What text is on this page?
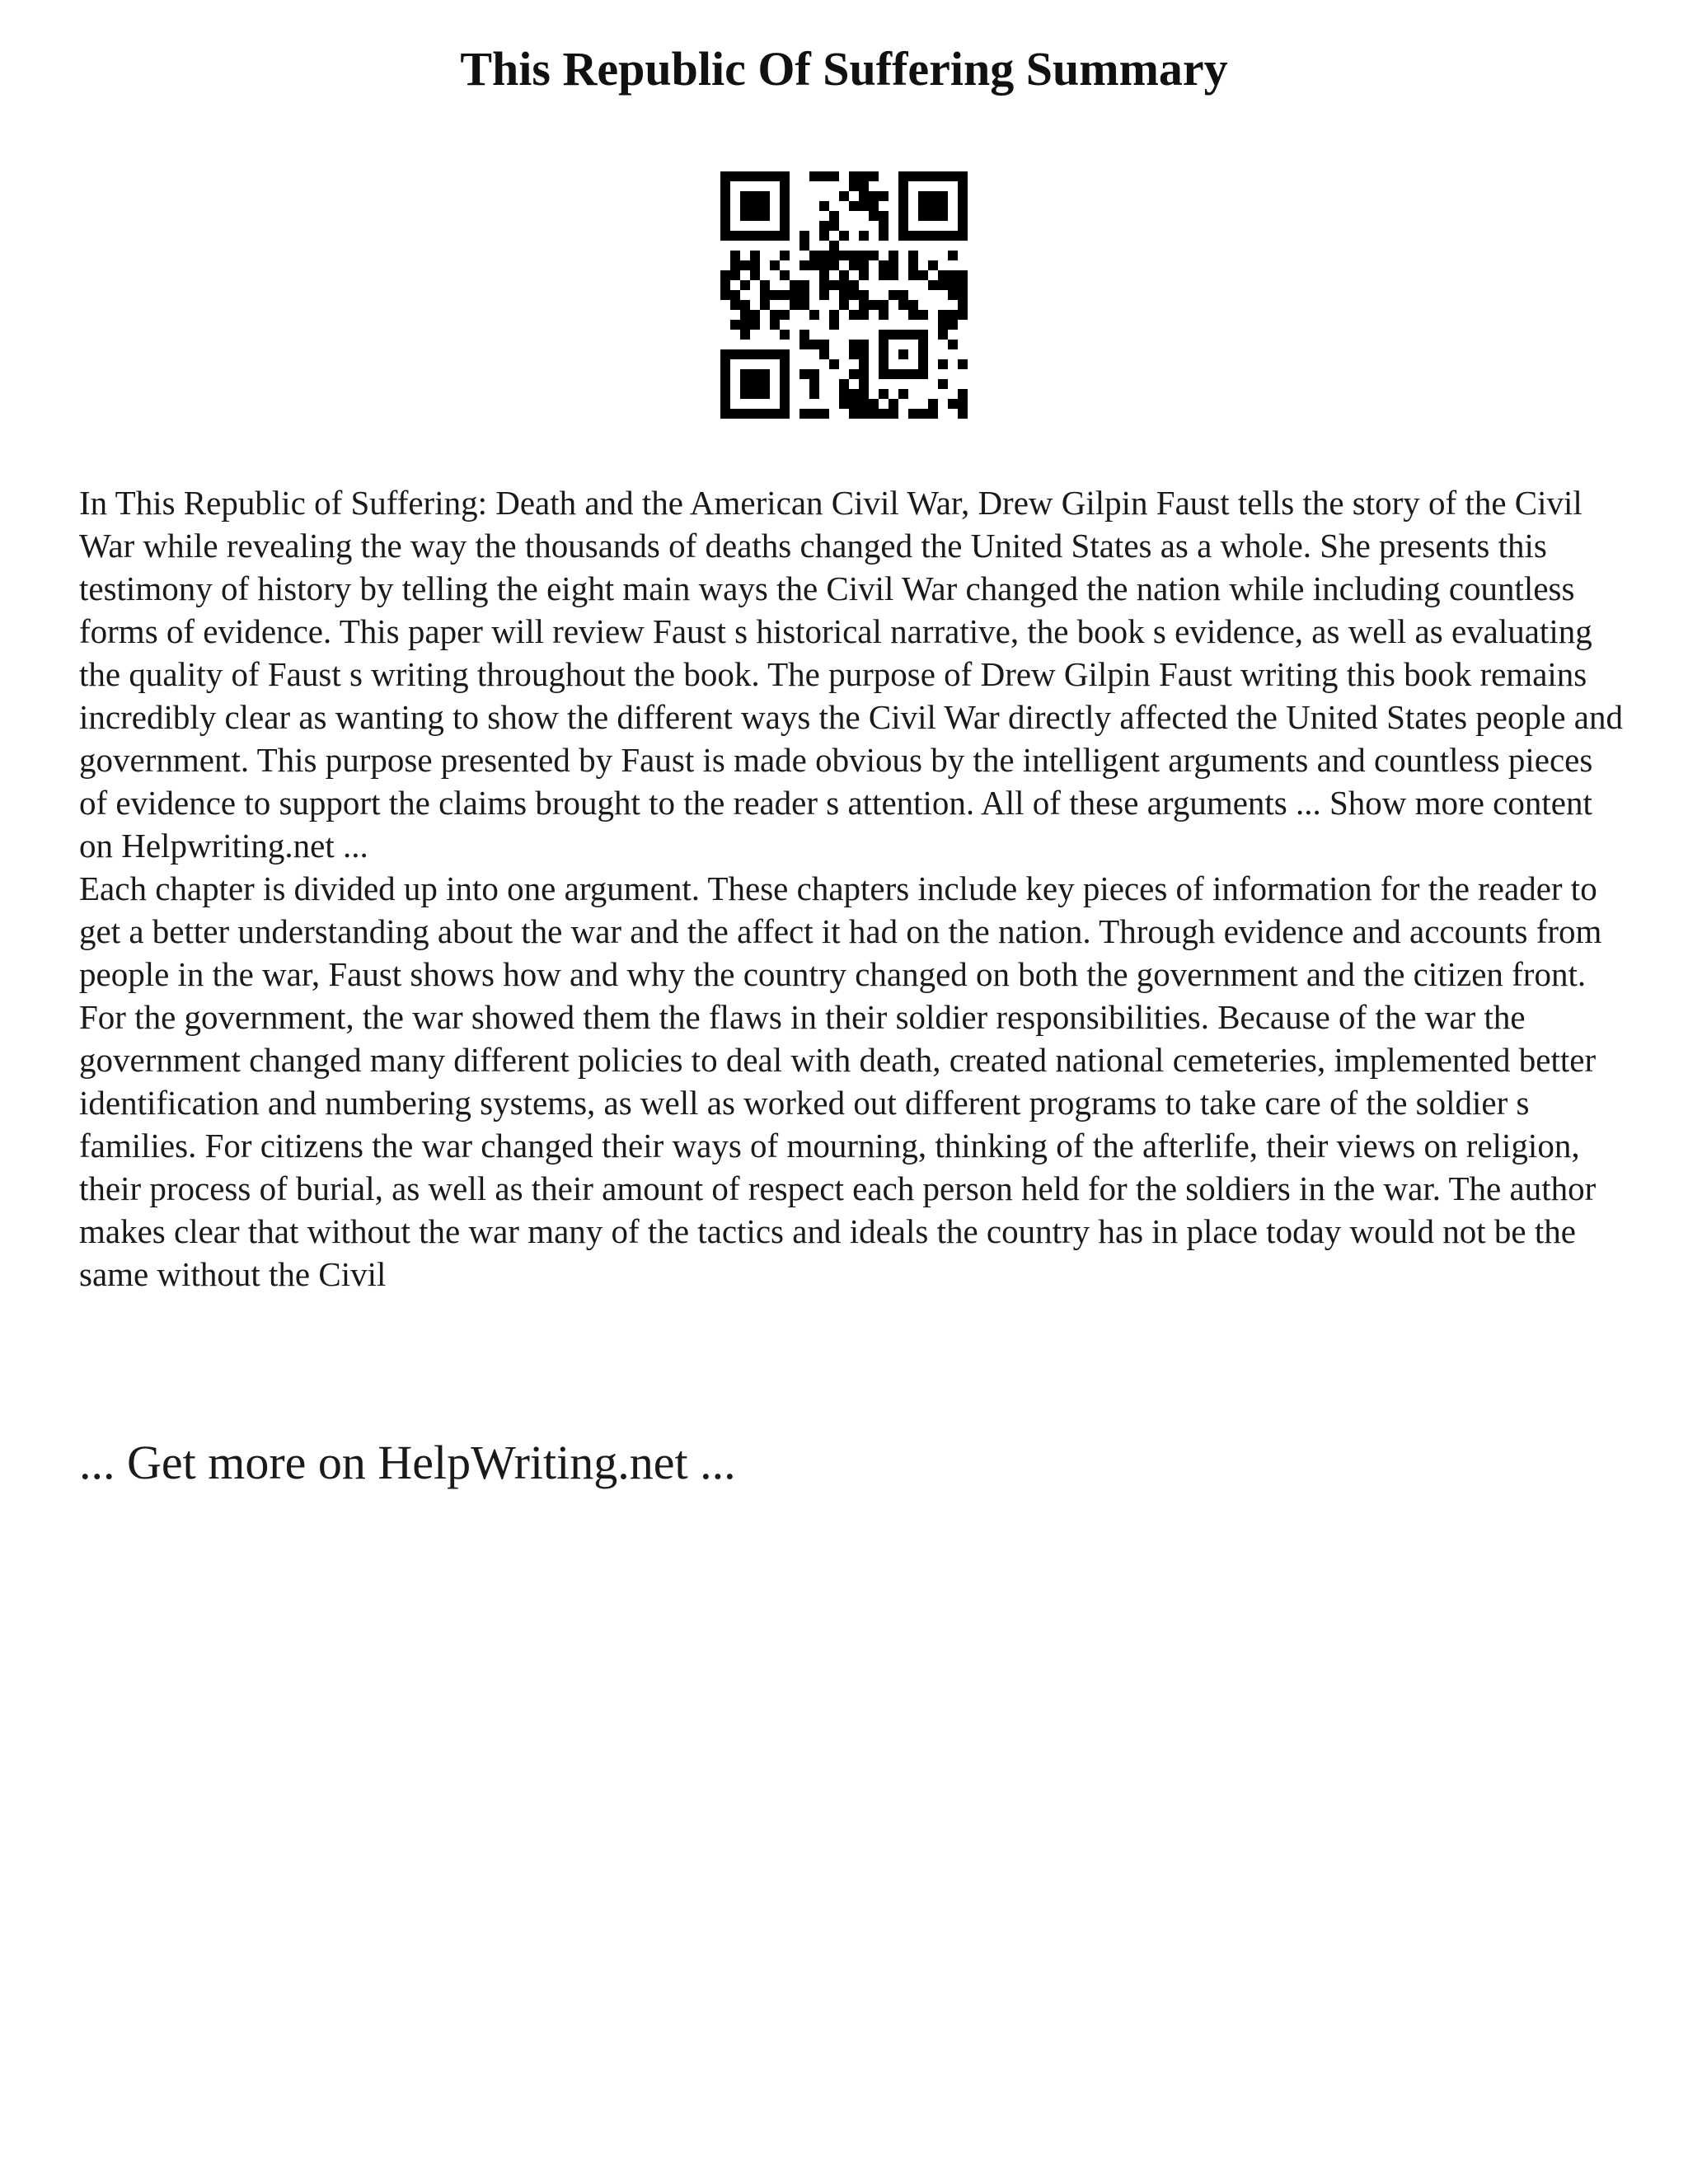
This Republic Of Suffering Summary

In This Republic of Suffering: Death and the American Civil War, Drew Gilpin Faust tells the story of the Civil War while revealing the way the thousands of deaths changed the United States as a whole. She presents this testimony of history by telling the eight main ways the Civil War changed the nation while including countless forms of evidence. This paper will review Faust s historical narrative, the book s evidence, as well as evaluating the quality of Faust s writing throughout the book. The purpose of Drew Gilpin Faust writing this book remains incredibly clear as wanting to show the different ways the Civil War directly affected the United States people and government. This purpose presented by Faust is made obvious by the intelligent arguments and countless pieces of evidence to support the claims brought to the reader s attention. All of these arguments ... Show more content on Helpwriting.net ...

Each chapter is divided up into one argument. These chapters include key pieces of information for the reader to get a better understanding about the war and the affect it had on the nation. Through evidence and accounts from people in the war, Faust shows how and why the country changed on both the government and the citizen front. For the government, the war showed them the flaws in their soldier responsibilities. Because of the war the government changed many different policies to deal with death, created national cemeteries, implemented better identification and numbering systems, as well as worked out different programs to take care of the soldier s families. For citizens the war changed their ways of mourning, thinking of the afterlife, their views on religion, their process of burial, as well as their amount of respect each person held for the soldiers in the war. The author makes clear that without the war many of the tactics and ideals the country has in place today would not be the same without the Civil

... Get more on HelpWriting.net ...
